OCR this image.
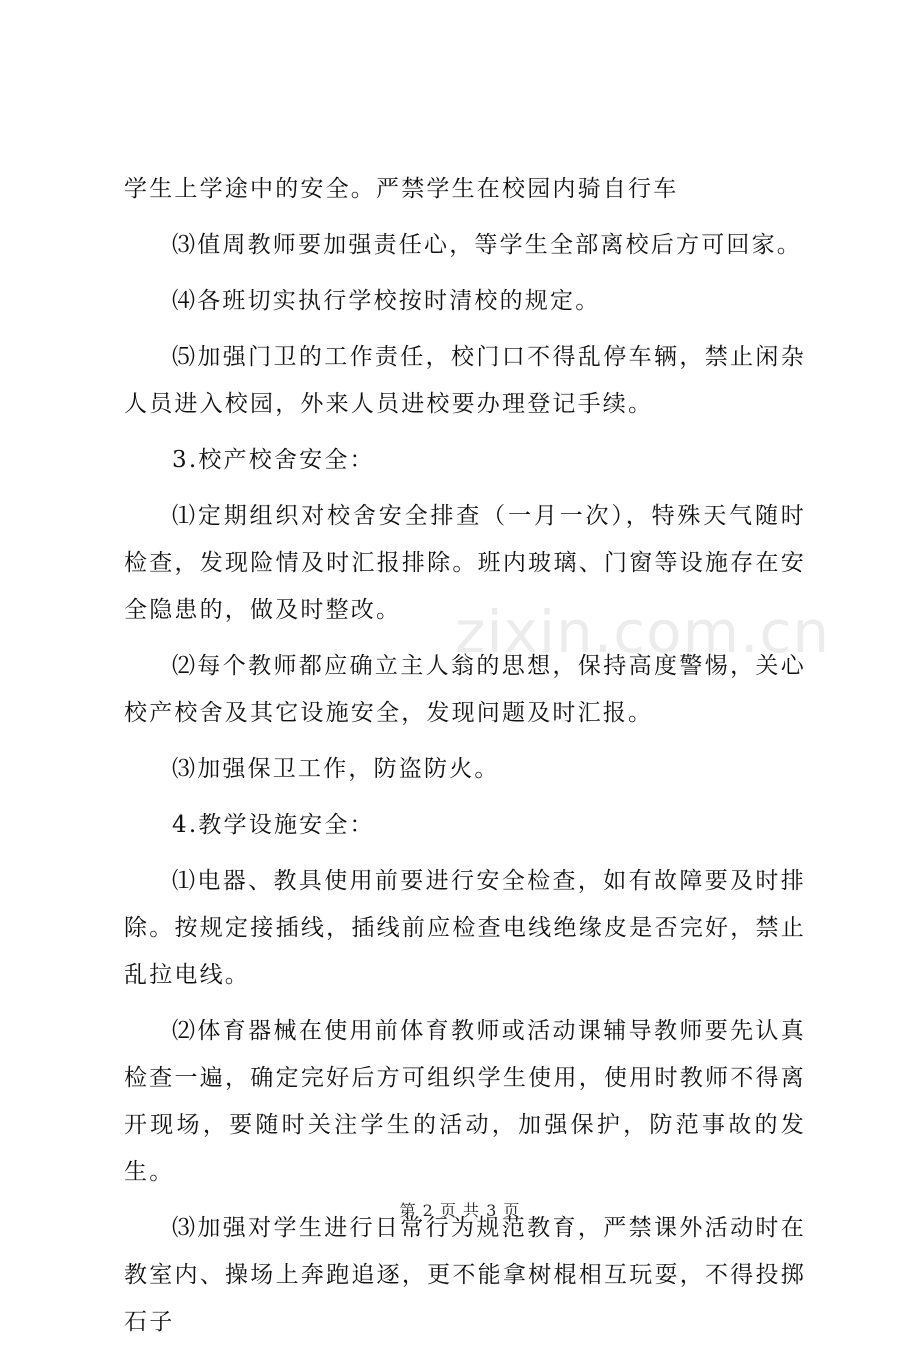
zixin.com.cn

学生上学途中的安全。严禁学生在校园内骑自行车

⑶值周教师要加强责任心，等学生全部离校后方可回家。

⑷各班切实执行学校按时清校的规定。

⑸加强门卫的工作责任，校门口不得乱停车辆，禁止闲杂人员进入校园，外来人员进校要办理登记手续。

3.校产校舍安全：

⑴定期组织对校舍安全排查（一月一次），特殊天气随时检查，发现险情及时汇报排除。班内玻璃、门窗等设施存在安全隐患的，做及时整改。

⑵每个教师都应确立主人翁的思想，保持高度警惕，关心校产校舍及其它设施安全，发现问题及时汇报。

⑶加强保卫工作，防盗防火。

4.教学设施安全：

⑴电器、教具使用前要进行安全检查，如有故障要及时排除。按规定接插线，插线前应检查电线绝缘皮是否完好，禁止乱拉电线。

⑵体育器械在使用前体育教师或活动课辅导教师要先认真检查一遍，确定完好后方可组织学生使用，使用时教师不得离开现场，要随时关注学生的活动，加强保护，防范事故的发生。

⑶加强对学生进行日常行为规范教育，严禁课外活动时在教室内、操场上奔跑追逐，更不能拿树棍相互玩耍，不得投掷石子

第 2 页 共 3 页
